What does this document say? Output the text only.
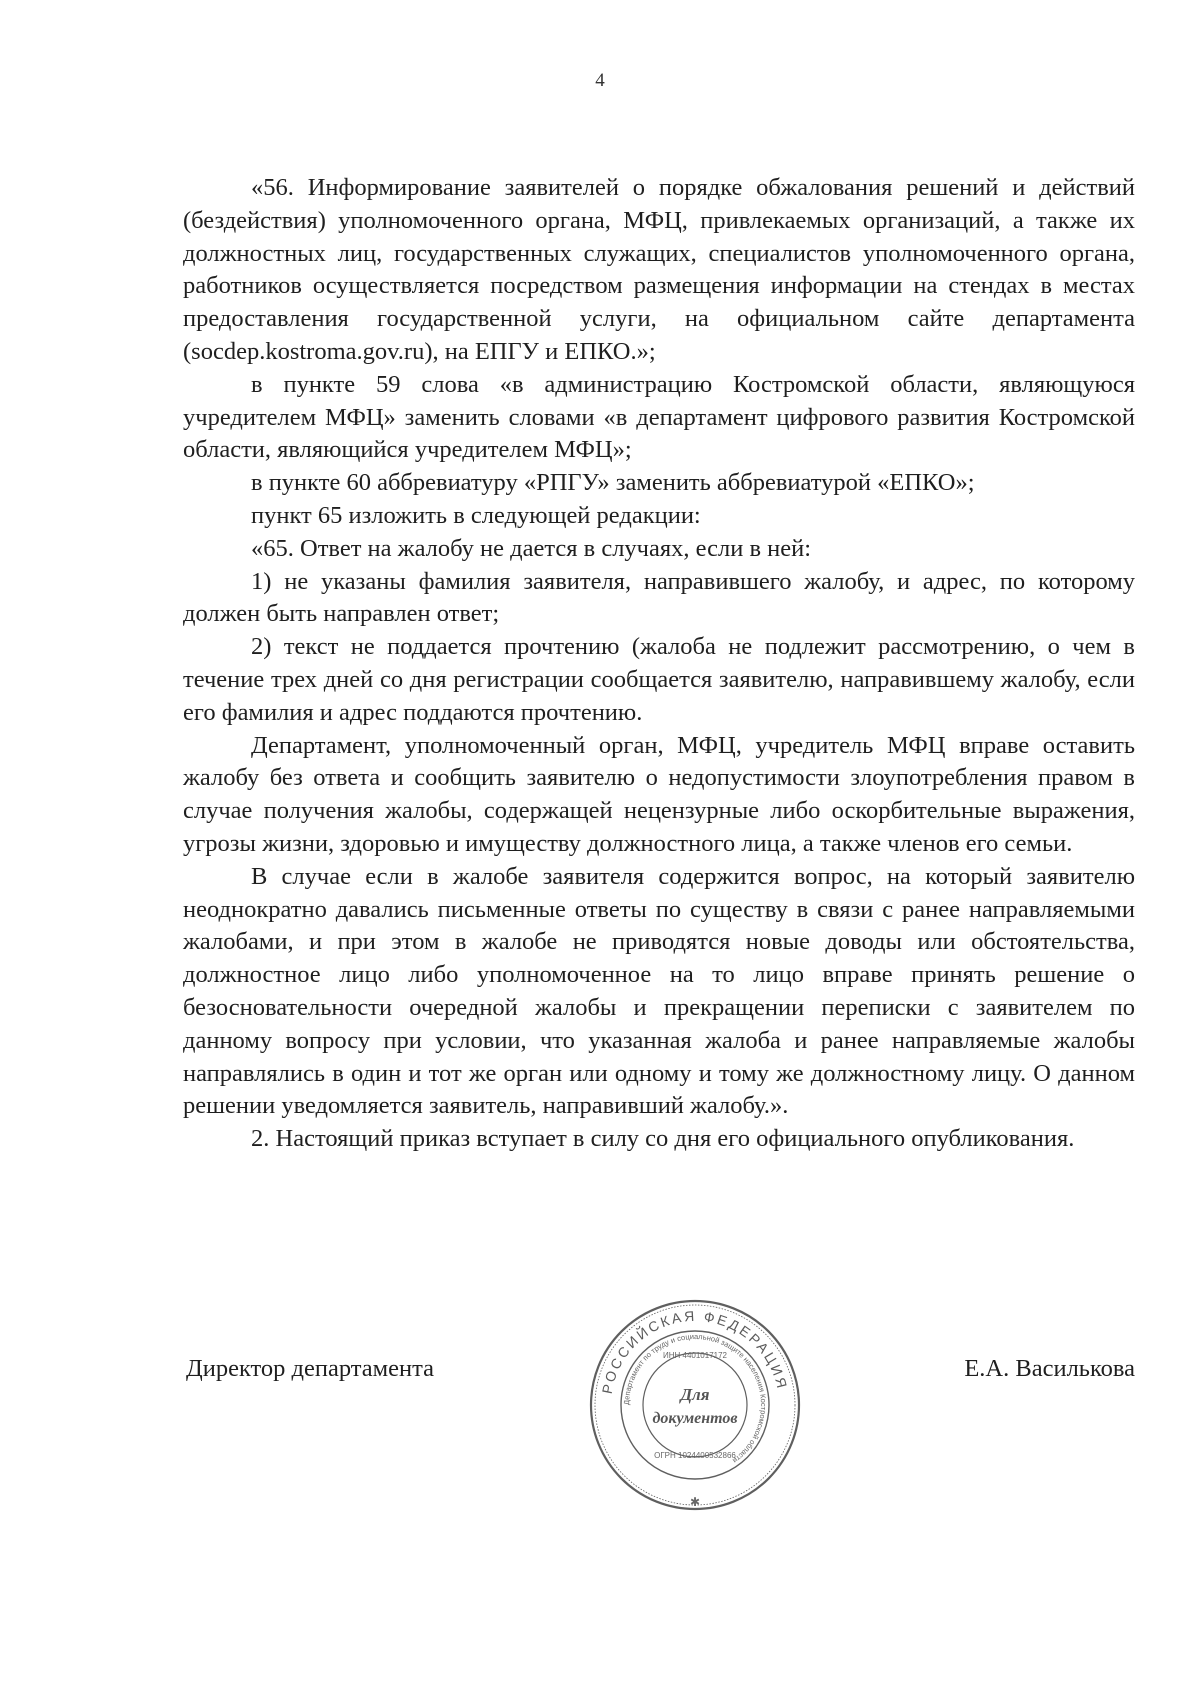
4

«56. Информирование заявителей о порядке обжалования решений и действий (бездействия) уполномоченного органа, МФЦ, привлекаемых организаций, а также их должностных лиц, государственных служащих, специалистов уполномоченного органа, работников осуществляется посредством размещения информации на стендах в местах предоставления государственной услуги, на официальном сайте департамента (socdep.kostroma.gov.ru), на ЕПГУ и ЕПКО.»;

в пункте 59 слова «в администрацию Костромской области, являющуюся учредителем МФЦ» заменить словами «в департамент цифрового развития Костромской области, являющийся учредителем МФЦ»;

в пункте 60 аббревиатуру «РПГУ» заменить аббревиатурой «ЕПКО»;

пункт 65 изложить в следующей редакции:

«65. Ответ на жалобу не дается в случаях, если в ней:

1) не указаны фамилия заявителя, направившего жалобу, и адрес, по которому должен быть направлен ответ;

2) текст не поддается прочтению (жалоба не подлежит рассмотрению, о чем в течение трех дней со дня регистрации сообщается заявителю, направившему жалобу, если его фамилия и адрес поддаются прочтению.

Департамент, уполномоченный орган, МФЦ, учредитель МФЦ вправе оставить жалобу без ответа и сообщить заявителю о недопустимости злоупотребления правом в случае получения жалобы, содержащей нецензурные либо оскорбительные выражения, угрозы жизни, здоровью и имуществу должностного лица, а также членов его семьи.

В случае если в жалобе заявителя содержится вопрос, на который заявителю неоднократно давались письменные ответы по существу в связи с ранее направляемыми жалобами, и при этом в жалобе не приводятся новые доводы или обстоятельства, должностное лицо либо уполномоченное на то лицо вправе принять решение о безосновательности очередной жалобы и прекращении переписки с заявителем по данному вопросу при условии, что указанная жалоба и ранее направляемые жалобы направлялись в один и тот же орган или одному и тому же должностному лицу. О данном решении уведомляется заявитель, направивший жалобу.».

2. Настоящий приказ вступает в силу со дня его официального опубликования.

Директор департамента	Е.А. Василькова
РОССИЙСКАЯ ФЕДЕРАЦИЯ
Департамент по труду и социальной защите населения Костромской области
ИНН 4401017172
ОГРН 1024400532866
Для
документов
✱
